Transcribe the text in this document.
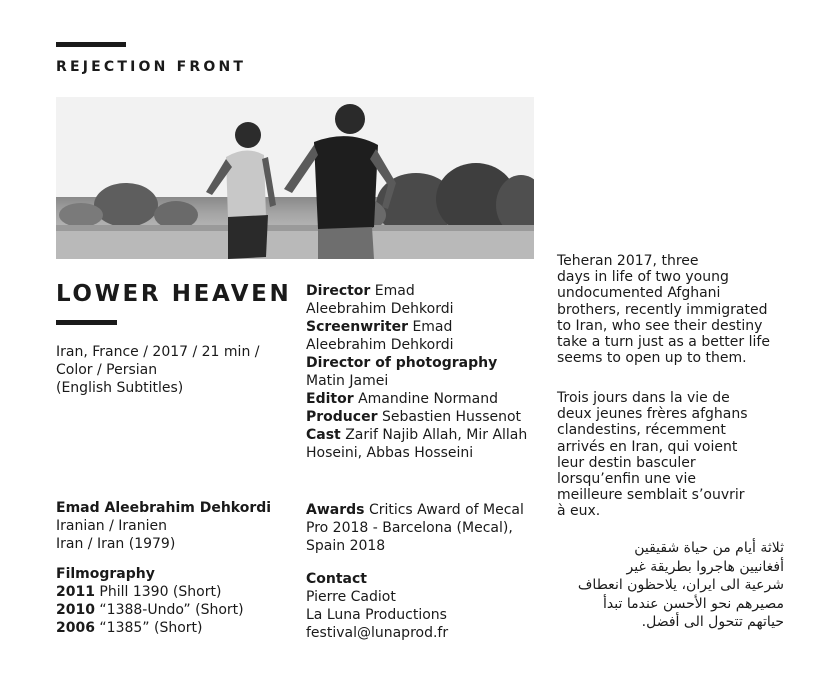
REJECTION FRONT
LOWER HEAVEN
Iran, France / 2017 / 21 min /
Color / Persian
(English Subtitles)
Director Emad
Aleebrahim Dehkordi
Screenwriter Emad
Aleebrahim Dehkordi
Director of photography
Matin Jamei
Editor Amandine Normand
Producer Sebastien Hussenot
Cast Zarif Najib Allah, Mir Allah
Hoseini, Abbas Hosseini
Emad Aleebrahim Dehkordi
Iranian / Iranien
Iran / Iran (1979)
Filmography
2011 Phill 1390 (Short)
2010 “1388-Undo” (Short)
2006 “1385” (Short)
Awards Critics Award of Mecal
Pro 2018 - Barcelona (Mecal),
Spain 2018
Contact
Pierre Cadiot
La Luna Productions
festival@lunaprod.fr
Teheran 2017, three
days in life of two young
undocumented Afghani
brothers, recently immigrated
to Iran, who see their destiny
take a turn just as a better life
seems to open up to them.
Trois jours dans la vie de
deux jeunes frères afghans
clandestins, récemment
arrivés en Iran, qui voient
leur destin basculer
lorsqu’enfin une vie
meilleure semblait s’ouvrir
à eux.
ثلاثة أيام من حياة شقيقين
أفغانيين هاجروا بطريقة غير
شرعية الى ايران، يلاحظون انعطاف
مصيرهم نحو الأحسن عندما تبدأ
حياتهم تتحول الى أفضل.
